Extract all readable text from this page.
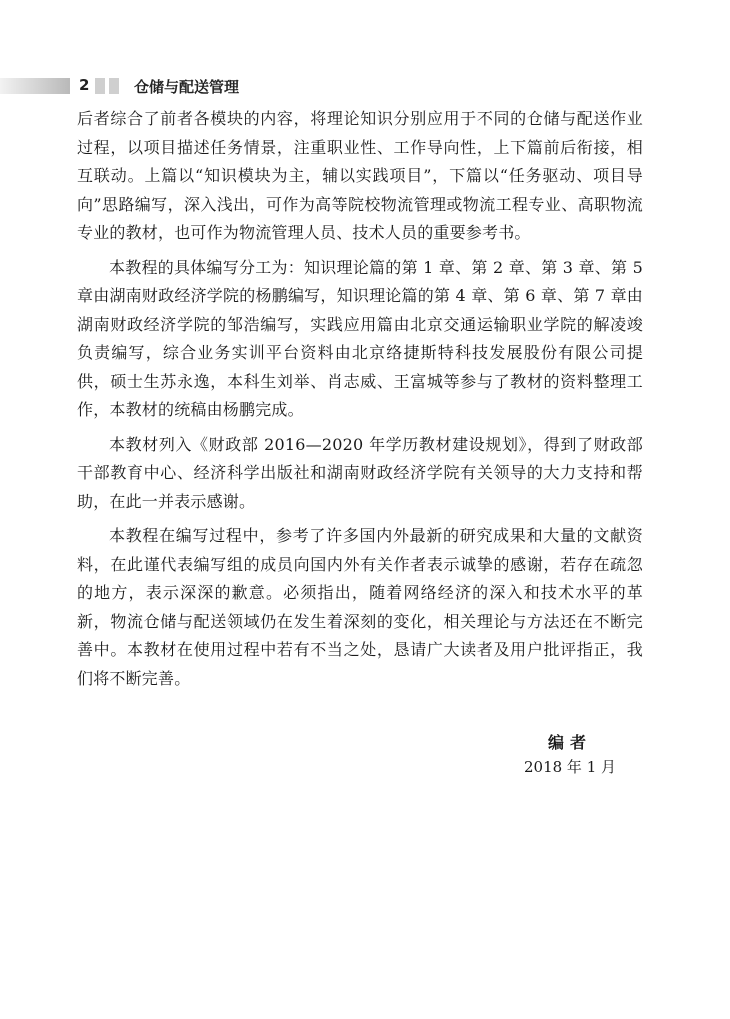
2	仓储与配送管理

后者综合了前者各模块的内容，将理论知识分别应用于不同的仓储与配送作业过程，以项目描述任务情景，注重职业性、工作导向性，上下篇前后衔接，相互联动。上篇以“知识模块为主，辅以实践项目”，下篇以“任务驱动、项目导向”思路编写，深入浅出，可作为高等院校物流管理或物流工程专业、高职物流专业的教材，也可作为物流管理人员、技术人员的重要参考书。

本教程的具体编写分工为：知识理论篇的第 1 章、第 2 章、第 3 章、第 5 章由湖南财政经济学院的杨鹏编写，知识理论篇的第 4 章、第 6 章、第 7 章由湖南财政经济学院的邹浩编写，实践应用篇由北京交通运输职业学院的解凌竣负责编写，综合业务实训平台资料由北京络捷斯特科技发展股份有限公司提供，硕士生苏永逸，本科生刘举、肖志威、王富城等参与了教材的资料整理工作，本教材的统稿由杨鹏完成。

本教材列入《财政部 2016—2020 年学历教材建设规划》，得到了财政部干部教育中心、经济科学出版社和湖南财政经济学院有关领导的大力支持和帮助，在此一并表示感谢。

本教程在编写过程中，参考了许多国内外最新的研究成果和大量的文献资料，在此谨代表编写组的成员向国内外有关作者表示诚挚的感谢，若存在疏忽的地方，表示深深的歉意。必须指出，随着网络经济的深入和技术水平的革新，物流仓储与配送领域仍在发生着深刻的变化，相关理论与方法还在不断完善中。本教材在使用过程中若有不当之处，恳请广大读者及用户批评指正，我们将不断完善。

编者
2018 年 1 月
